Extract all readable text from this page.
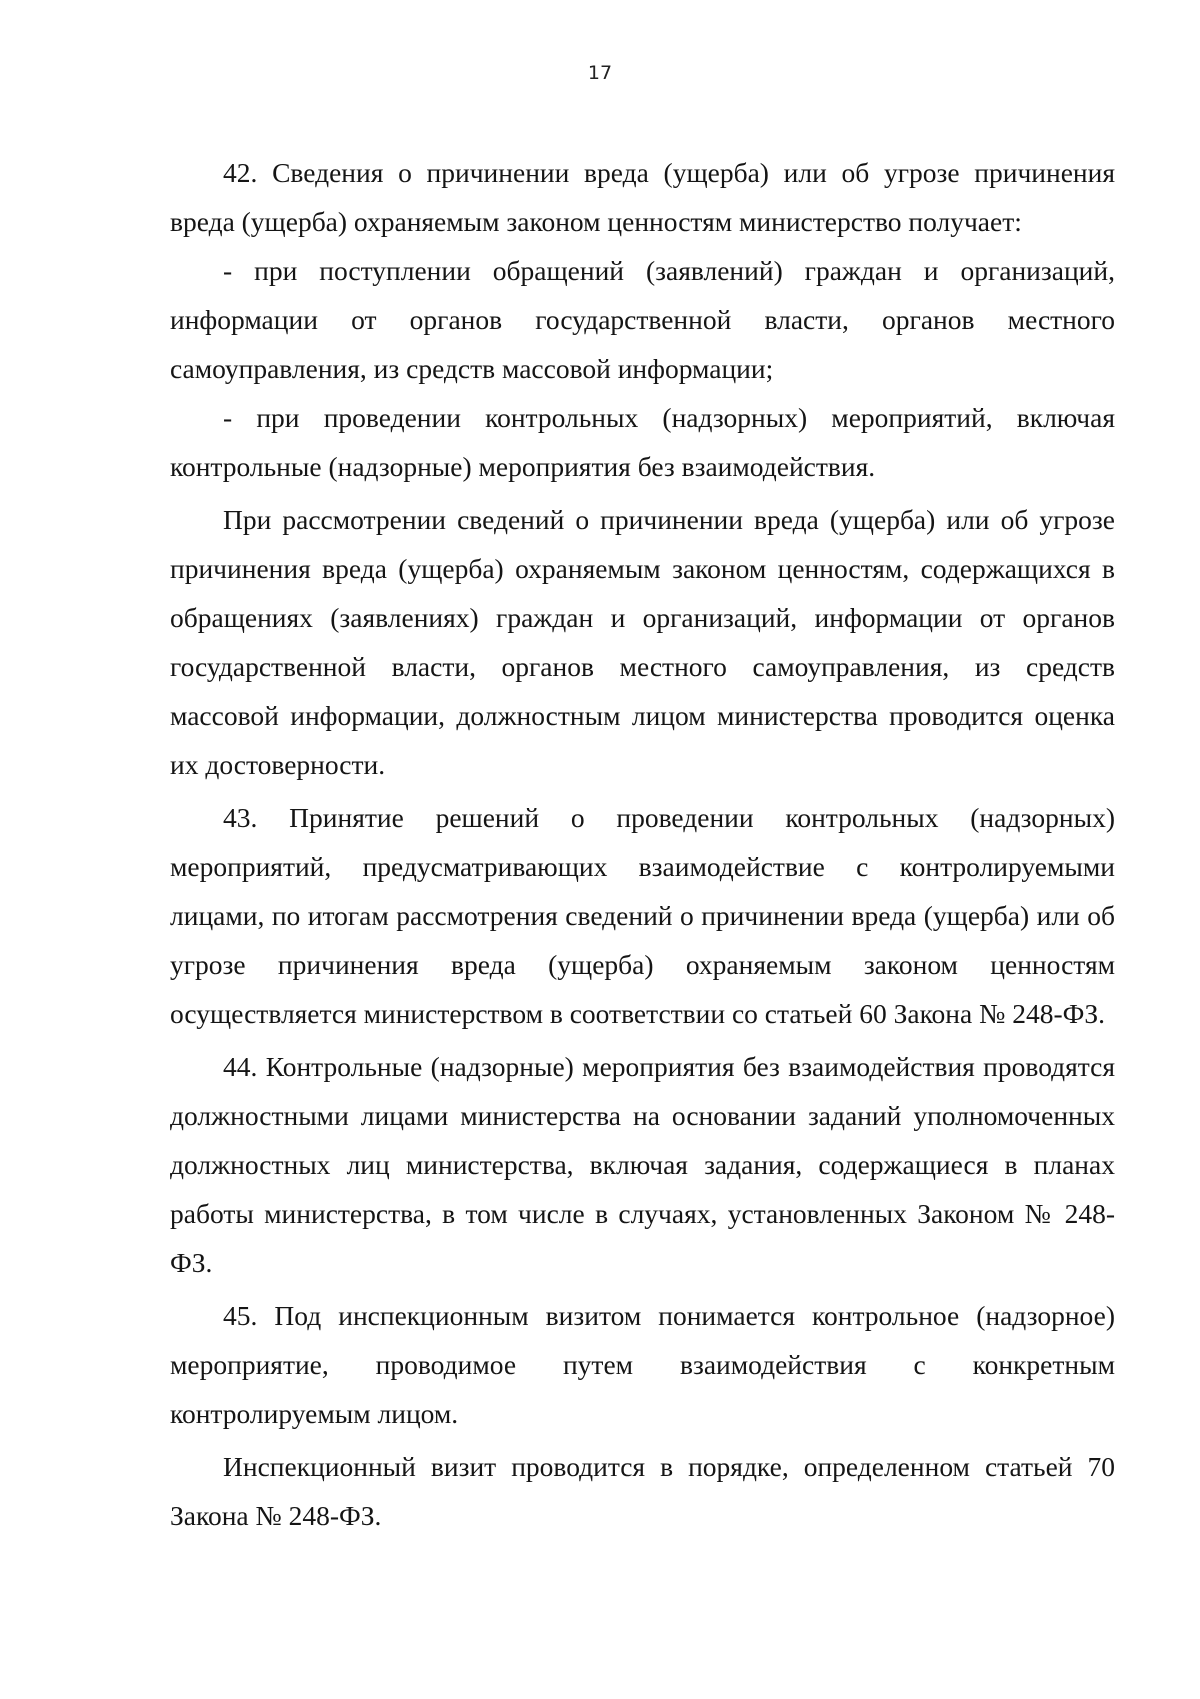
17

42. Сведения о причинении вреда (ущерба) или об угрозе причинения вреда (ущерба) охраняемым законом ценностям министерство получает:

- при поступлении обращений (заявлений) граждан и организаций, информации от органов государственной власти, органов местного самоуправления, из средств массовой информации;

- при проведении контрольных (надзорных) мероприятий, включая контрольные (надзорные) мероприятия без взаимодействия.

При рассмотрении сведений о причинении вреда (ущерба) или об угрозе причинения вреда (ущерба) охраняемым законом ценностям, содержащихся в обращениях (заявлениях) граждан и организаций, информации от органов государственной власти, органов местного самоуправления, из средств массовой информации, должностным лицом министерства проводится оценка их достоверности.

43. Принятие решений о проведении контрольных (надзорных) мероприятий, предусматривающих взаимодействие с контролируемыми лицами, по итогам рассмотрения сведений о причинении вреда (ущерба) или об угрозе причинения вреда (ущерба) охраняемым законом ценностям осуществляется министерством в соответствии со статьей 60 Закона № 248-ФЗ.

44. Контрольные (надзорные) мероприятия без взаимодействия проводятся должностными лицами министерства на основании заданий уполномоченных должностных лиц министерства, включая задания, содержащиеся в планах работы министерства, в том числе в случаях, установленных Законом № 248-ФЗ.

45. Под инспекционным визитом понимается контрольное (надзорное) мероприятие, проводимое путем взаимодействия с конкретным контролируемым лицом.

Инспекционный визит проводится в порядке, определенном статьей 70 Закона № 248-ФЗ.
